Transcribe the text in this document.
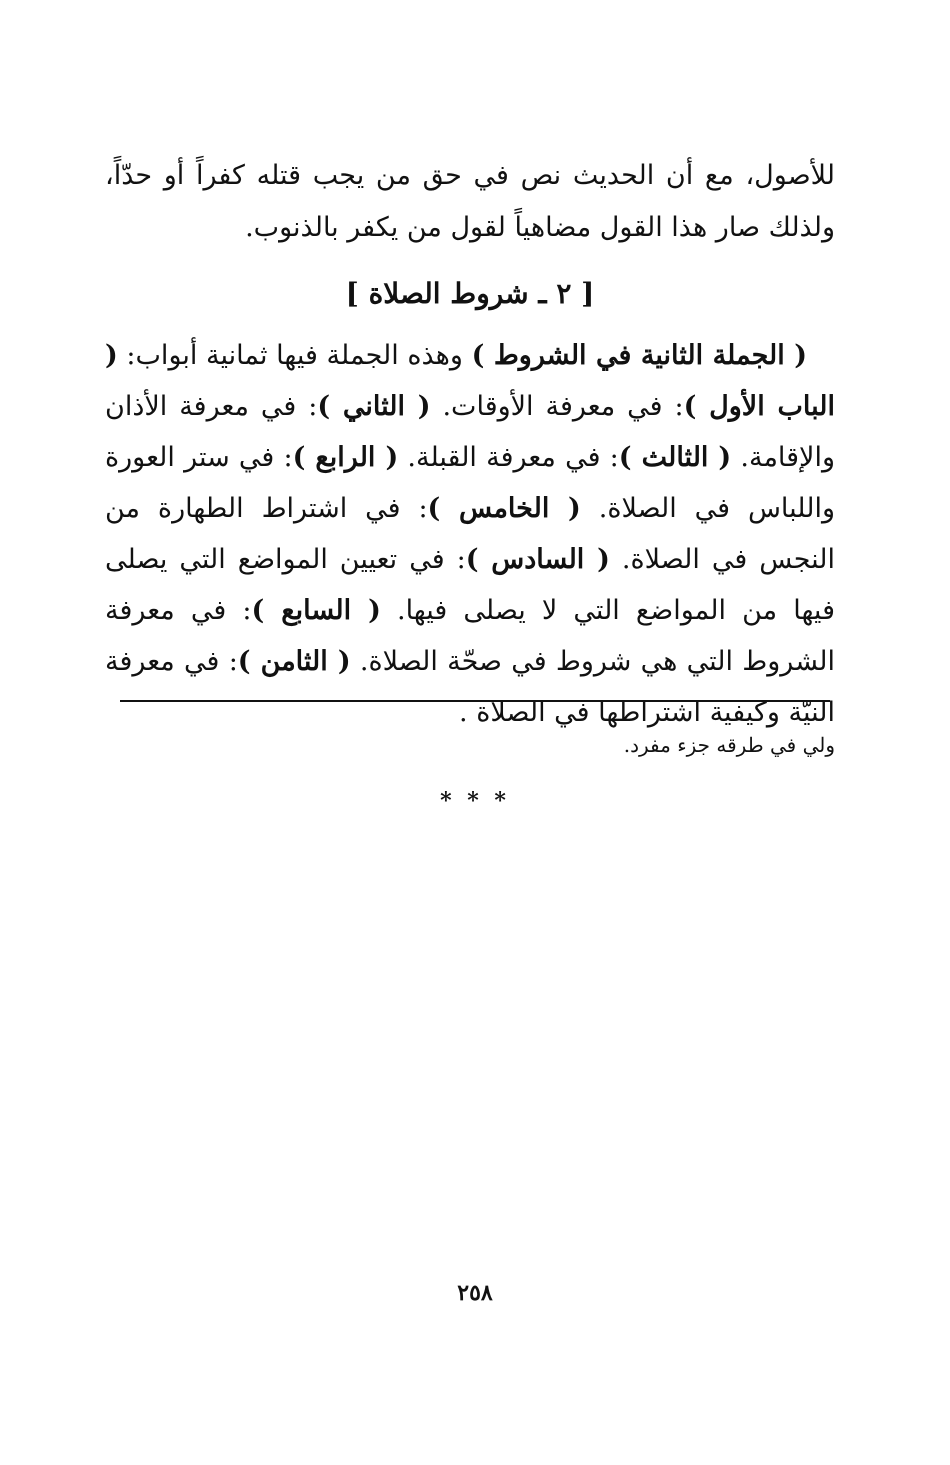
للأصول، مع أن الحديث نص في حق من يجب قتله كفراً أو حدّاً، ولذلك صار هذا القول مضاهياً لقول من يكفر بالذنوب.
[ ٢ ـ شروط الصلاة ]

( الجملة الثانية في الشروط ) وهذه الجملة فيها ثمانية أبواب: ( الباب الأول ): في معرفة الأوقات. ( الثاني ): في معرفة الأذان والإقامة. ( الثالث ): في معرفة القبلة. ( الرابع ): في ستر العورة واللباس في الصلاة. ( الخامس ): في اشتراط الطهارة من النجس في الصلاة. ( السادس ): في تعيين المواضع التي يصلى فيها من المواضع التي لا يصلى فيها. ( السابع ): في معرفة الشروط التي هي شروط في صحّة الصلاة. ( الثامن ): في معرفة النيّة وكيفية اشتراطها في الصلاة .

ولي في طرقه جزء مفرد.
* * *
٢٥٨
